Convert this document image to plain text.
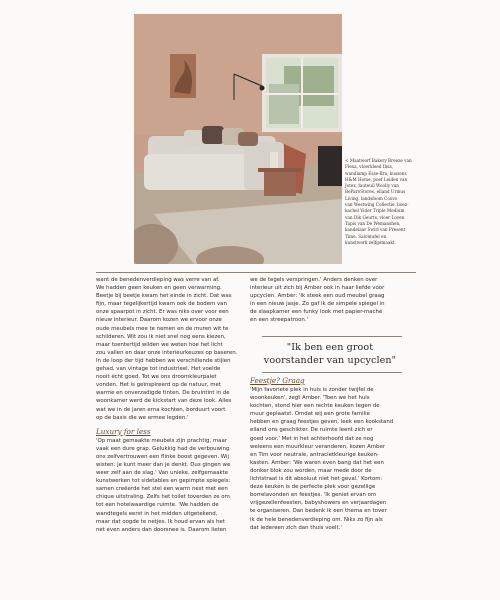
< Maatwerf Bakery Breeze van

Flexa, vloerkleed Ibsa,

wandlamp Esse-Bra, kussens

H&M Home, poef Leiden van

Jotex, fauteuil Woolly van

BeParoStores, eiland Urmus

Living, landsfoom Couvo

van Westwing Collectie, boez-

kachel Vider Triple Medium

van Dik Geurts, vloer Loven

Tapis van De Wemanshen,

kandelaar Swirl van Present

Time. Salontafel en

kunstwerk zelfgemaakt.

want de benedenverdieping was verre van af.

We hadden geen keuken en geen verwarming.

Beetje bij beetje kwam het einde in zicht. Dat was

fijn, maar tegelijkertijd kwam ook de bodem van

onze spaarpot in zicht. Er was niks over voor een

nieuw interieur. Daarom kozen we ervoor onze

oude meubels mee te nemen en de muren wit te

schilderen. Wit zou ik niet snel nog eens kiezen,

maar toentertijd wilden we weten hoe het licht

zou vallen en daar onze interieurkeuzes op baseren.

In de loop der tijd hebben we verschillende stijlen

gehad, van vintage tot industrieel. Het voelde

nooit écht goed. Tot we ons droomkleurpalet

vonden. Het is geïnspireerd op de natuur, met

warme en onverzadigde tinten. De bruintint in de

woonkamer werd de kickstart van deze look. Alles

wat we in de jaren erna kochten, borduurt voort

op de basis die we ermee legden.'

Luxury for less

'Op maat gemaakte meubels zijn prachtig, maar

vaak een dure grap. Gelukkig had de verbouwing

ons zelfvertrouwen een flinke boost gegeven. Wij

wisten: je kunt meer dan je denkt. Dus gingen we

weer zelf aan de slag.' Van unieke, zelfgemaakte

kunstwerken tot sidetables en gepimpte spiegels:

samen creëerde het stel een warm nest met een

chique uitstraling. Zelfs het toilet toverden ze om

tot een hotelwaardige ruimte. 'We hadden de

wandtegels eerst in het midden uitgetekend,

maar dat oogde te netjes. Ik houd ervan als het

net even anders dan doorsnee is. Daarom lieten

we de tegels verspringen.' Anders denken over

interieur uit zich bij Amber ook in haar liefde voor

upcyclen. Amber: 'Ik steek een oud meubel graag

in een nieuw jasje. Zo gaf ik de simpele spiegel in

de slaapkamer een funky look met papier-maché

en een streepatroon.'

"Ik ben een groot
voorstander van upcyclen"
Feestje? Graag

'Mijn favoriete plek in huis is zonder twijfel de

woonkeuken', zegt Amber. 'Toen we het huis

kochten, stond hier een rechte keuken tegen de

muur geplaatst. Omdat wij een grote familie

hebben en graag feestjes geven, leek een kookstand

eiland ons geschikter. De ruimte leent zich er

goed voor.' Met in het achterhoofd dat ze nog

weleens een muurkleur veranderen, kozen Amber

en Tim voor neutrale, antracietkleurige keuken-

kasten. Amber: 'We waren even bang dat het een

donker blok zou worden, maar mede door de

lichtstraat is dit absoluut niet het geval.' Kortom:

deze keuken is de perfecte plek voor gezellige

borrelavonden en feestjes. 'Ik geniet ervan om

vrijgezellenfeesten, babyshowers en verjaardagen

te organiseren. Dan bedenk ik een thema en tover

ik de hele benedenverdieping om. Niks zo fijn als

dat iedereen zich dan thuis voelt.'
